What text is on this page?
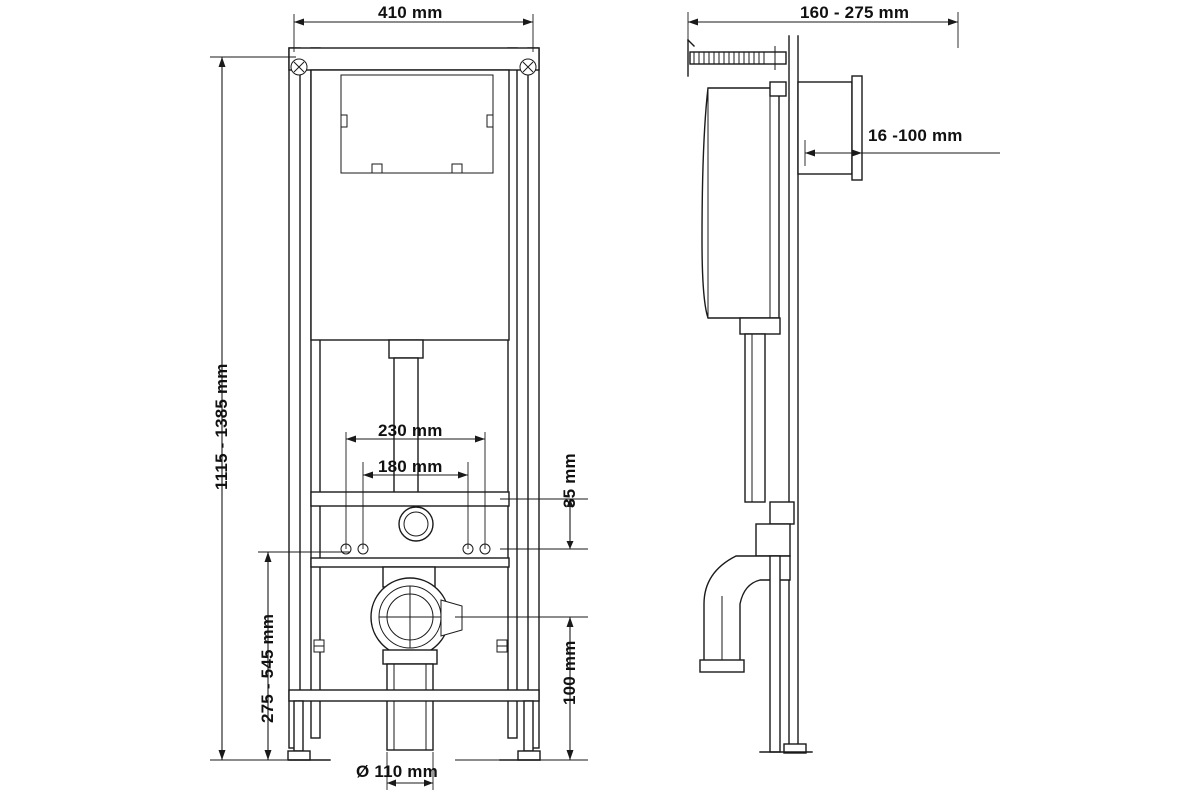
410 mm
1115 - 1385 mm	230 mm
180 mm	35 mm
275 - 545 mm	100 mm
Ø 110 mm
160 - 275 mm
16 -100 mm
